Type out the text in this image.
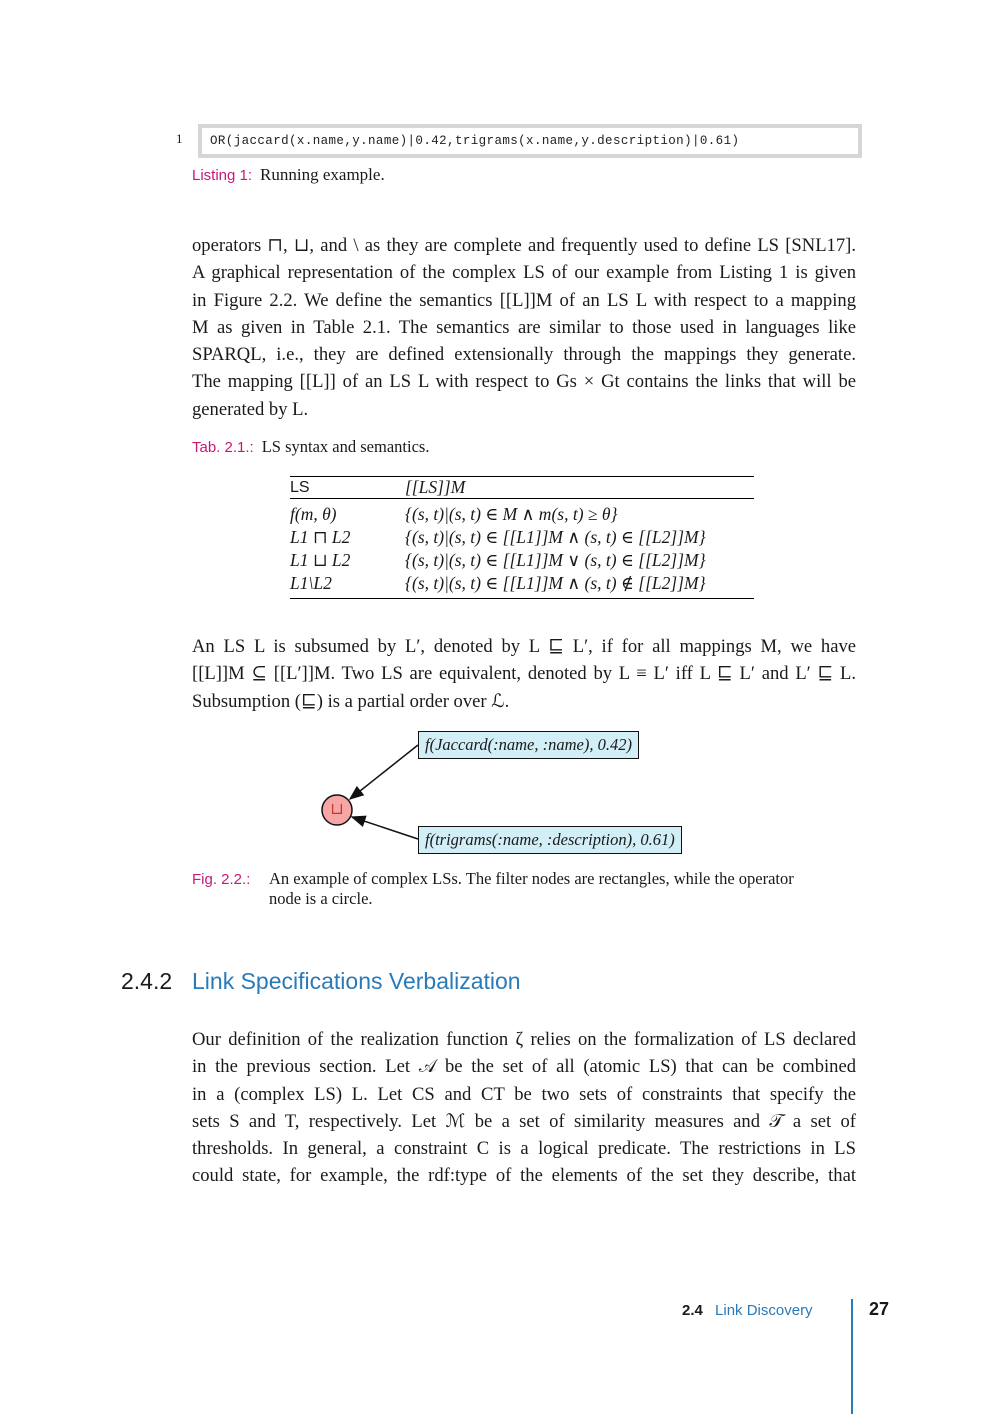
1	OR(jaccard(x.name,y.name)|0.42,trigrams(x.name,y.description)|0.61)
Listing 1: Running example.
operators ⊓, ⊔, and \ as they are complete and frequently used to define LS [SNL17].
A graphical representation of the complex LS of our example from Listing 1 is given
in Figure 2.2. We define the semantics [[L]]M of an LS L with respect to a mapping
M as given in Table 2.1. The semantics are similar to those used in languages like
SPARQL, i.e., they are defined extensionally through the mappings they generate.
The mapping [[L]] of an LS L with respect to Gs × Gt contains the links that will be
generated by L.
Tab. 2.1.: LS syntax and semantics.
LS	[[LS]]M
f(m, θ)	{(s, t)|(s, t) ∈ M ∧ m(s, t) ≥ θ}
L1 ⊓ L2	{(s, t)|(s, t) ∈ [[L1]]M ∧ (s, t) ∈ [[L2]]M}
L1 ⊔ L2	{(s, t)|(s, t) ∈ [[L1]]M ∨ (s, t) ∈ [[L2]]M}
L1\L2	{(s, t)|(s, t) ∈ [[L1]]M ∧ (s, t) ∉ [[L2]]M}
An LS L is subsumed by L′, denoted by L ⊑ L′, if for all mappings M, we have
[[L]]M ⊆ [[L′]]M. Two LS are equivalent, denoted by L ≡ L′ iff L ⊑ L′ and L′ ⊑ L.
Subsumption (⊑) is a partial order over ℒ.
⊔
f(Jaccard(:name, :name), 0.42)
f(trigrams(:name, :description), 0.61)
Fig. 2.2.: An example of complex LSs. The filter nodes are rectangles, while the operator
node is a circle.
2.4.2 Link Specifications Verbalization
Our definition of the realization function ζ relies on the formalization of LS declared
in the previous section. Let 𝒜 be the set of all (atomic LS) that can be combined
in a (complex LS) L. Let CS and CT be two sets of constraints that specify the
sets S and T, respectively. Let ℳ be a set of similarity measures and 𝒯 a set of
thresholds. In general, a constraint C is a logical predicate. The restrictions in LS
could state, for example, the rdf:type of the elements of the set they describe, that
2.4 Link Discovery	27
